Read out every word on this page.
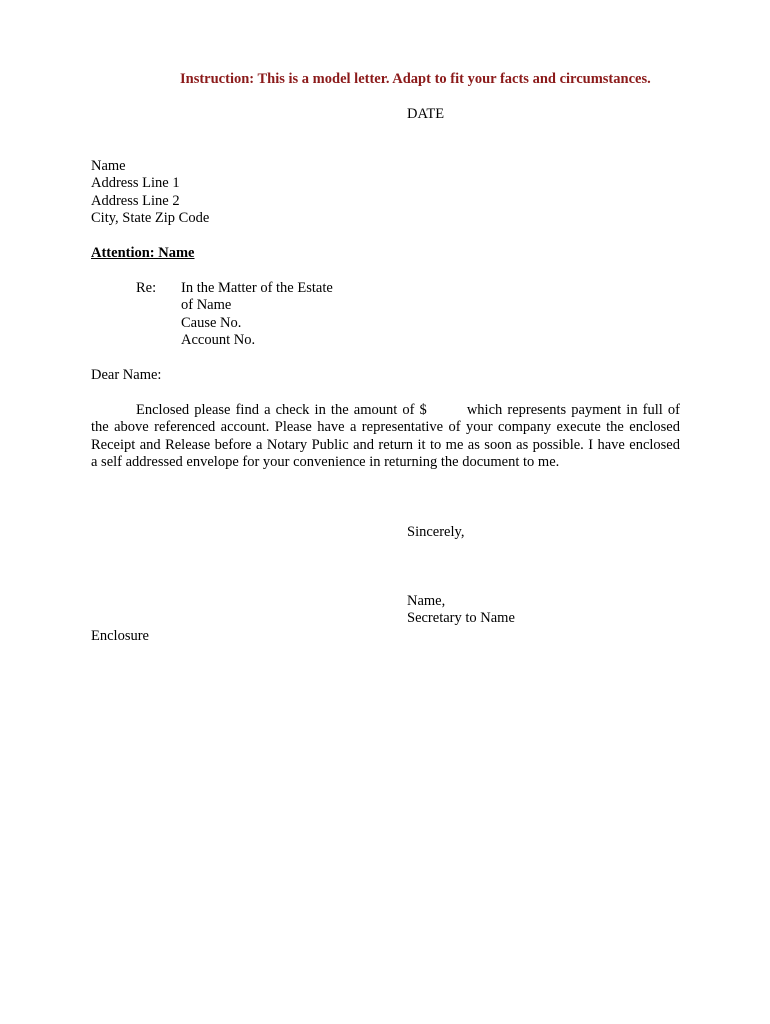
Instruction: This is a model letter. Adapt to fit your facts and circumstances.
DATE
Name
Address Line 1
Address Line 2
City, State Zip Code
Attention: Name
Re: In the Matter of the Estate
of Name
Cause No.
Account No.
Dear Name:
Enclosed please find a check in the amount of $	which represents payment in full of
the above referenced account. Please have a representative of your company execute the enclosed
Receipt and Release before a Notary Public and return it to me as soon as possible. I have enclosed
a self addressed envelope for your convenience in returning the document to me.
Sincerely,
Name,
Secretary to Name
Enclosure
